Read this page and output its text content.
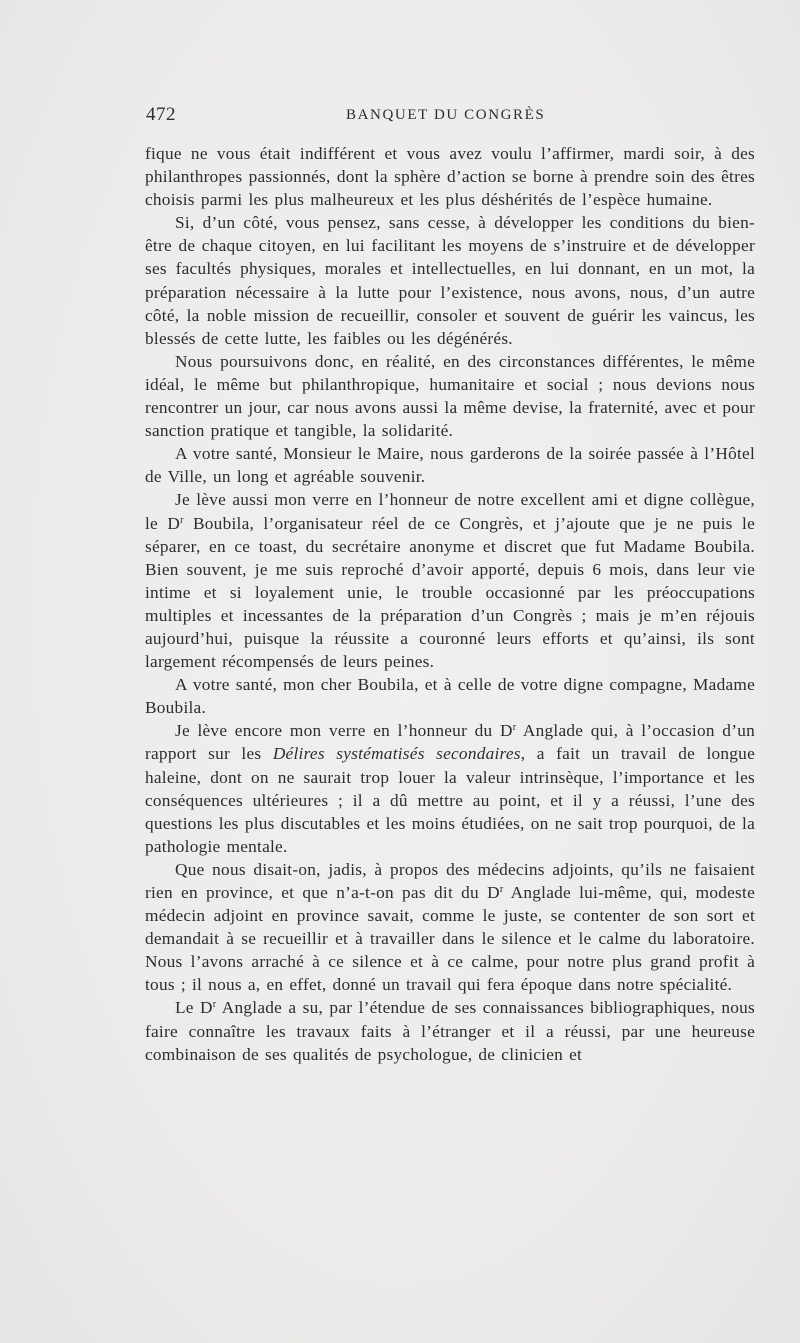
472	BANQUET DU CONGRÈS

fique ne vous était indifférent et vous avez voulu l’affirmer, mardi soir, à des philanthropes passionnés, dont la sphère d’action se borne à prendre soin des êtres choisis parmi les plus malheureux et les plus déshérités de l’espèce humaine.

Si, d’un côté, vous pensez, sans cesse, à développer les conditions du bien-être de chaque citoyen, en lui facilitant les moyens de s’instruire et de développer ses facultés physiques, morales et intellectuelles, en lui donnant, en un mot, la préparation nécessaire à la lutte pour l’existence, nous avons, nous, d’un autre côté, la noble mission de recueillir, consoler et souvent de guérir les vaincus, les blessés de cette lutte, les faibles ou les dégénérés.

Nous poursuivons donc, en réalité, en des circonstances différentes, le même idéal, le même but philanthropique, humanitaire et social ; nous devions nous rencontrer un jour, car nous avons aussi la même devise, la fraternité, avec et pour sanction pratique et tangible, la solidarité.

A votre santé, Monsieur le Maire, nous garderons de la soirée passée à l’Hôtel de Ville, un long et agréable souvenir.

Je lève aussi mon verre en l’honneur de notre excellent ami et digne collègue, le $D^r$ Boubila, l’organisateur réel de ce Congrès, et j’ajoute que je ne puis le séparer, en ce toast, du secrétaire anonyme et discret que fut Madame Boubila. Bien souvent, je me suis reproché d’avoir apporté, depuis 6 mois, dans leur vie intime et si loyalement unie, le trouble occasionné par les préoccupations multiples et incessantes de la préparation d’un Congrès ; mais je m’en réjouis aujourd’hui, puisque la réussite a couronné leurs efforts et qu’ainsi, ils sont largement récompensés de leurs peines.

A votre santé, mon cher Boubila, et à celle de votre digne compagne, Madame Boubila.

Je lève encore mon verre en l’honneur du $D^r$ Anglade qui, à l’occasion d’un rapport sur les Délires systématisés secondaires, a fait un travail de longue haleine, dont on ne saurait trop louer la valeur intrinsèque, l’importance et les conséquences ultérieures ; il a dû mettre au point, et il y a réussi, l’une des questions les plus discutables et les moins étudiées, on ne sait trop pourquoi, de la pathologie mentale.

Que nous disait-on, jadis, à propos des médecins adjoints, qu’ils ne faisaient rien en province, et que n’a-t-on pas dit du $D^r$ Anglade lui-même, qui, modeste médecin adjoint en province savait, comme le juste, se contenter de son sort et demandait à se recueillir et à travailler dans le silence et le calme du laboratoire. Nous l’avons arraché à ce silence et à ce calme, pour notre plus grand profit à tous ; il nous a, en effet, donné un travail qui fera époque dans notre spécialité.

Le $D^r$ Anglade a su, par l’étendue de ses connaissances bibliographiques, nous faire connaître les travaux faits à l’étranger et il a réussi, par une heureuse combinaison de ses qualités de psychologue, de clinicien et
